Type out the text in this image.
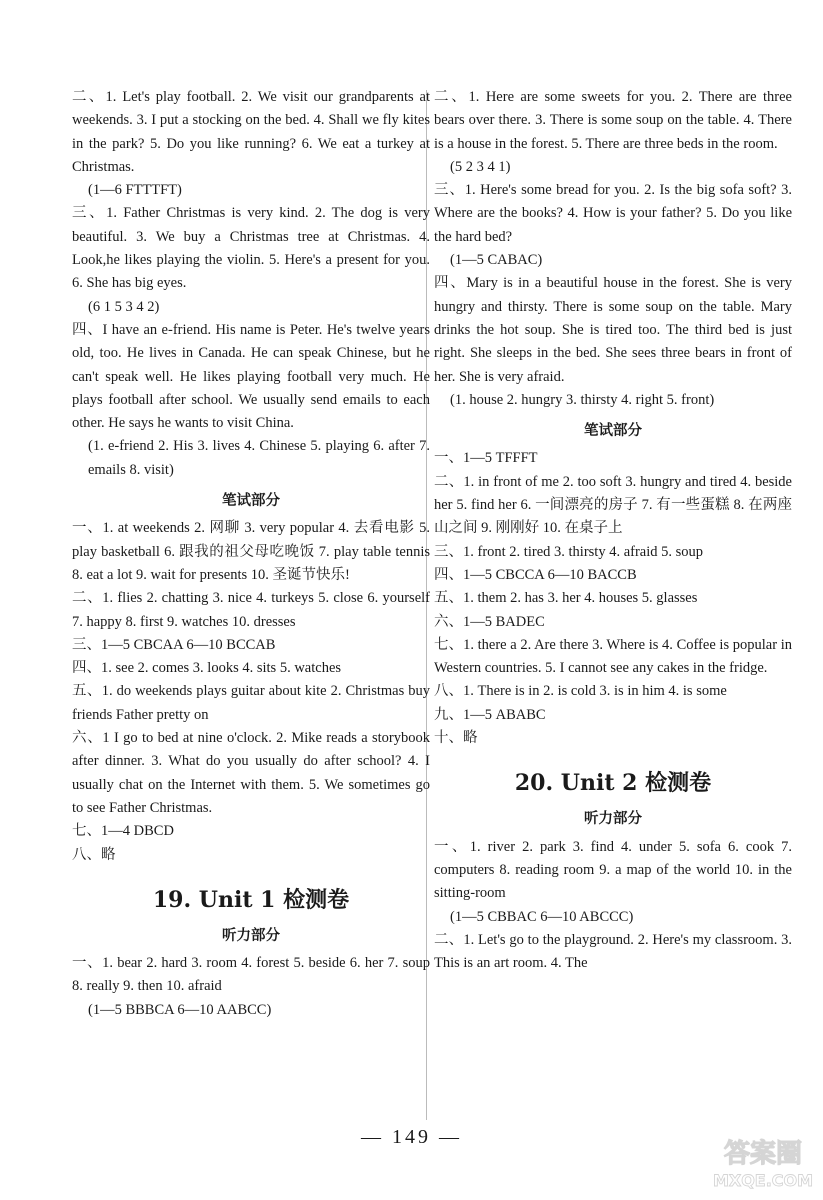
二、1. Let's play football. 2. We visit our grandparents at weekends. 3. I put a stocking on the bed. 4. Shall we fly kites in the park? 5. Do you like running? 6. We eat a turkey at Christmas.

(1—6 FTTTFT)

三、1. Father Christmas is very kind. 2. The dog is very beautiful. 3. We buy a Christmas tree at Christmas. 4. Look,he likes playing the violin. 5. Here's a present for you. 6. She has big eyes.

(6 1 5 3 4 2)

四、I have an e-friend. His name is Peter. He's twelve years old, too. He lives in Canada. He can speak Chinese, but he can't speak well. He likes playing football very much. He plays football after school. We usually send emails to each other. He says he wants to visit China.

(1. e-friend 2. His 3. lives 4. Chinese 5. playing 6. after 7. emails 8. visit)

笔试部分

一、1. at weekends 2. 网聊 3. very popular 4. 去看电影 5. play basketball 6. 跟我的祖父母吃晚饭 7. play table tennis 8. eat a lot 9. wait for presents 10. 圣诞节快乐!

二、1. flies 2. chatting 3. nice 4. turkeys 5. close 6. yourself 7. happy 8. first 9. watches 10. dresses

三、1—5 CBCAA 6—10 BCCAB

四、1. see 2. comes 3. looks 4. sits 5. watches

五、1. do weekends plays guitar about kite 2. Christmas buy friends Father pretty on

六、1 I go to bed at nine o'clock. 2. Mike reads a storybook after dinner. 3. What do you usually do after school? 4. I usually chat on the Internet with them. 5. We sometimes go to see Father Christmas.

七、1—4 DBCD

八、略

19. Unit 1 检测卷
听力部分

一、1. bear 2. hard 3. room 4. forest 5. beside 6. her 7. soup 8. really 9. then 10. afraid

(1—5 BBBCA 6—10 AABCC)

二、1. Here are some sweets for you. 2. There are three bears over there. 3. There is some soup on the table. 4. There is a house in the forest. 5. There are three beds in the room.

(5 2 3 4 1)

三、1. Here's some bread for you. 2. Is the big sofa soft? 3. Where are the books? 4. How is your father? 5. Do you like the hard bed?

(1—5 CABAC)

四、Mary is in a beautiful house in the forest. She is very hungry and thirsty. There is some soup on the table. Mary drinks the hot soup. She is tired too. The third bed is just right. She sleeps in the bed. She sees three bears in front of her. She is very afraid.

(1. house 2. hungry 3. thirsty 4. right 5. front)

笔试部分

一、1—5 TFFFT

二、1. in front of me 2. too soft 3. hungry and tired 4. beside her 5. find her 6. 一间漂亮的房子 7. 有一些蛋糕 8. 在两座山之间 9. 刚刚好 10. 在桌子上

三、1. front 2. tired 3. thirsty 4. afraid 5. soup

四、1—5 CBCCA 6—10 BACCB

五、1. them 2. has 3. her 4. houses 5. glasses

六、1—5 BADEC

七、1. there a 2. Are there 3. Where is 4. Coffee is popular in Western countries. 5. I cannot see any cakes in the fridge.

八、1. There is in 2. is cold 3. is in him 4. is some

九、1—5 ABABC

十、略

20. Unit 2 检测卷
听力部分

一、1. river 2. park 3. find 4. under 5. sofa 6. cook 7. computers 8. reading room 9. a map of the world 10. in the sitting-room

(1—5 CBBAC 6—10 ABCCC)

二、1. Let's go to the playground. 2. Here's my classroom. 3. This is an art room. 4. The

— 149 —
答案圈
MXQE.COM
